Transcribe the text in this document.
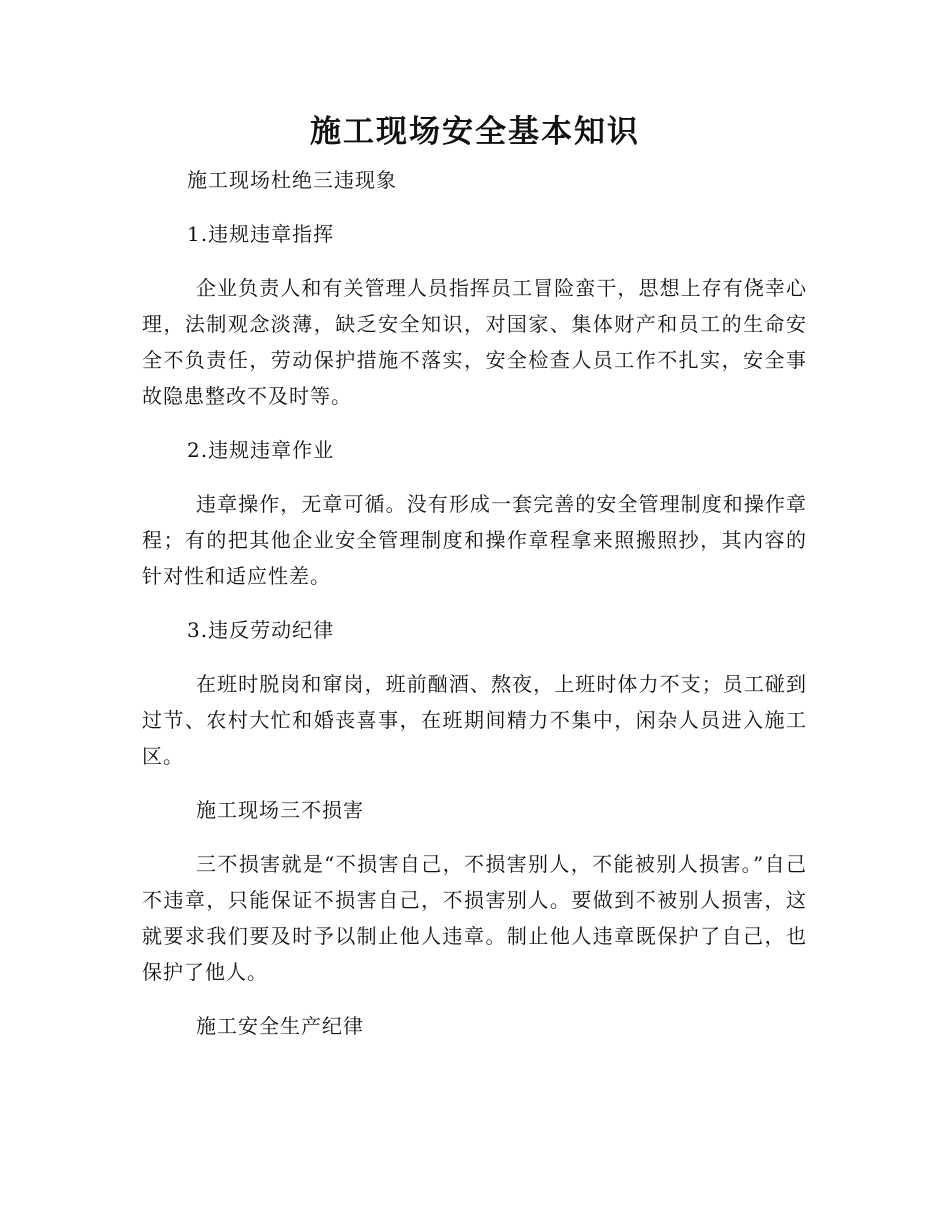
施工现场安全基本知识

施工现场杜绝三违现象

1.违规违章指挥

企业负责人和有关管理人员指挥员工冒险蛮干，思想上存有侥幸心理，法制观念淡薄，缺乏安全知识，对国家、集体财产和员工的生命安全不负责任，劳动保护措施不落实，安全检查人员工作不扎实，安全事故隐患整改不及时等。

2.违规违章作业

违章操作，无章可循。没有形成一套完善的安全管理制度和操作章程；有的把其他企业安全管理制度和操作章程拿来照搬照抄，其内容的针对性和适应性差。

3.违反劳动纪律

在班时脱岗和窜岗，班前酗酒、熬夜，上班时体力不支；员工碰到过节、农村大忙和婚丧喜事，在班期间精力不集中，闲杂人员进入施工区。

施工现场三不损害

三不损害就是“不损害自己，不损害别人，不能被别人损害。”自己不违章，只能保证不损害自己，不损害别人。要做到不被别人损害，这就要求我们要及时予以制止他人违章。制止他人违章既保护了自己，也保护了他人。

施工安全生产纪律
